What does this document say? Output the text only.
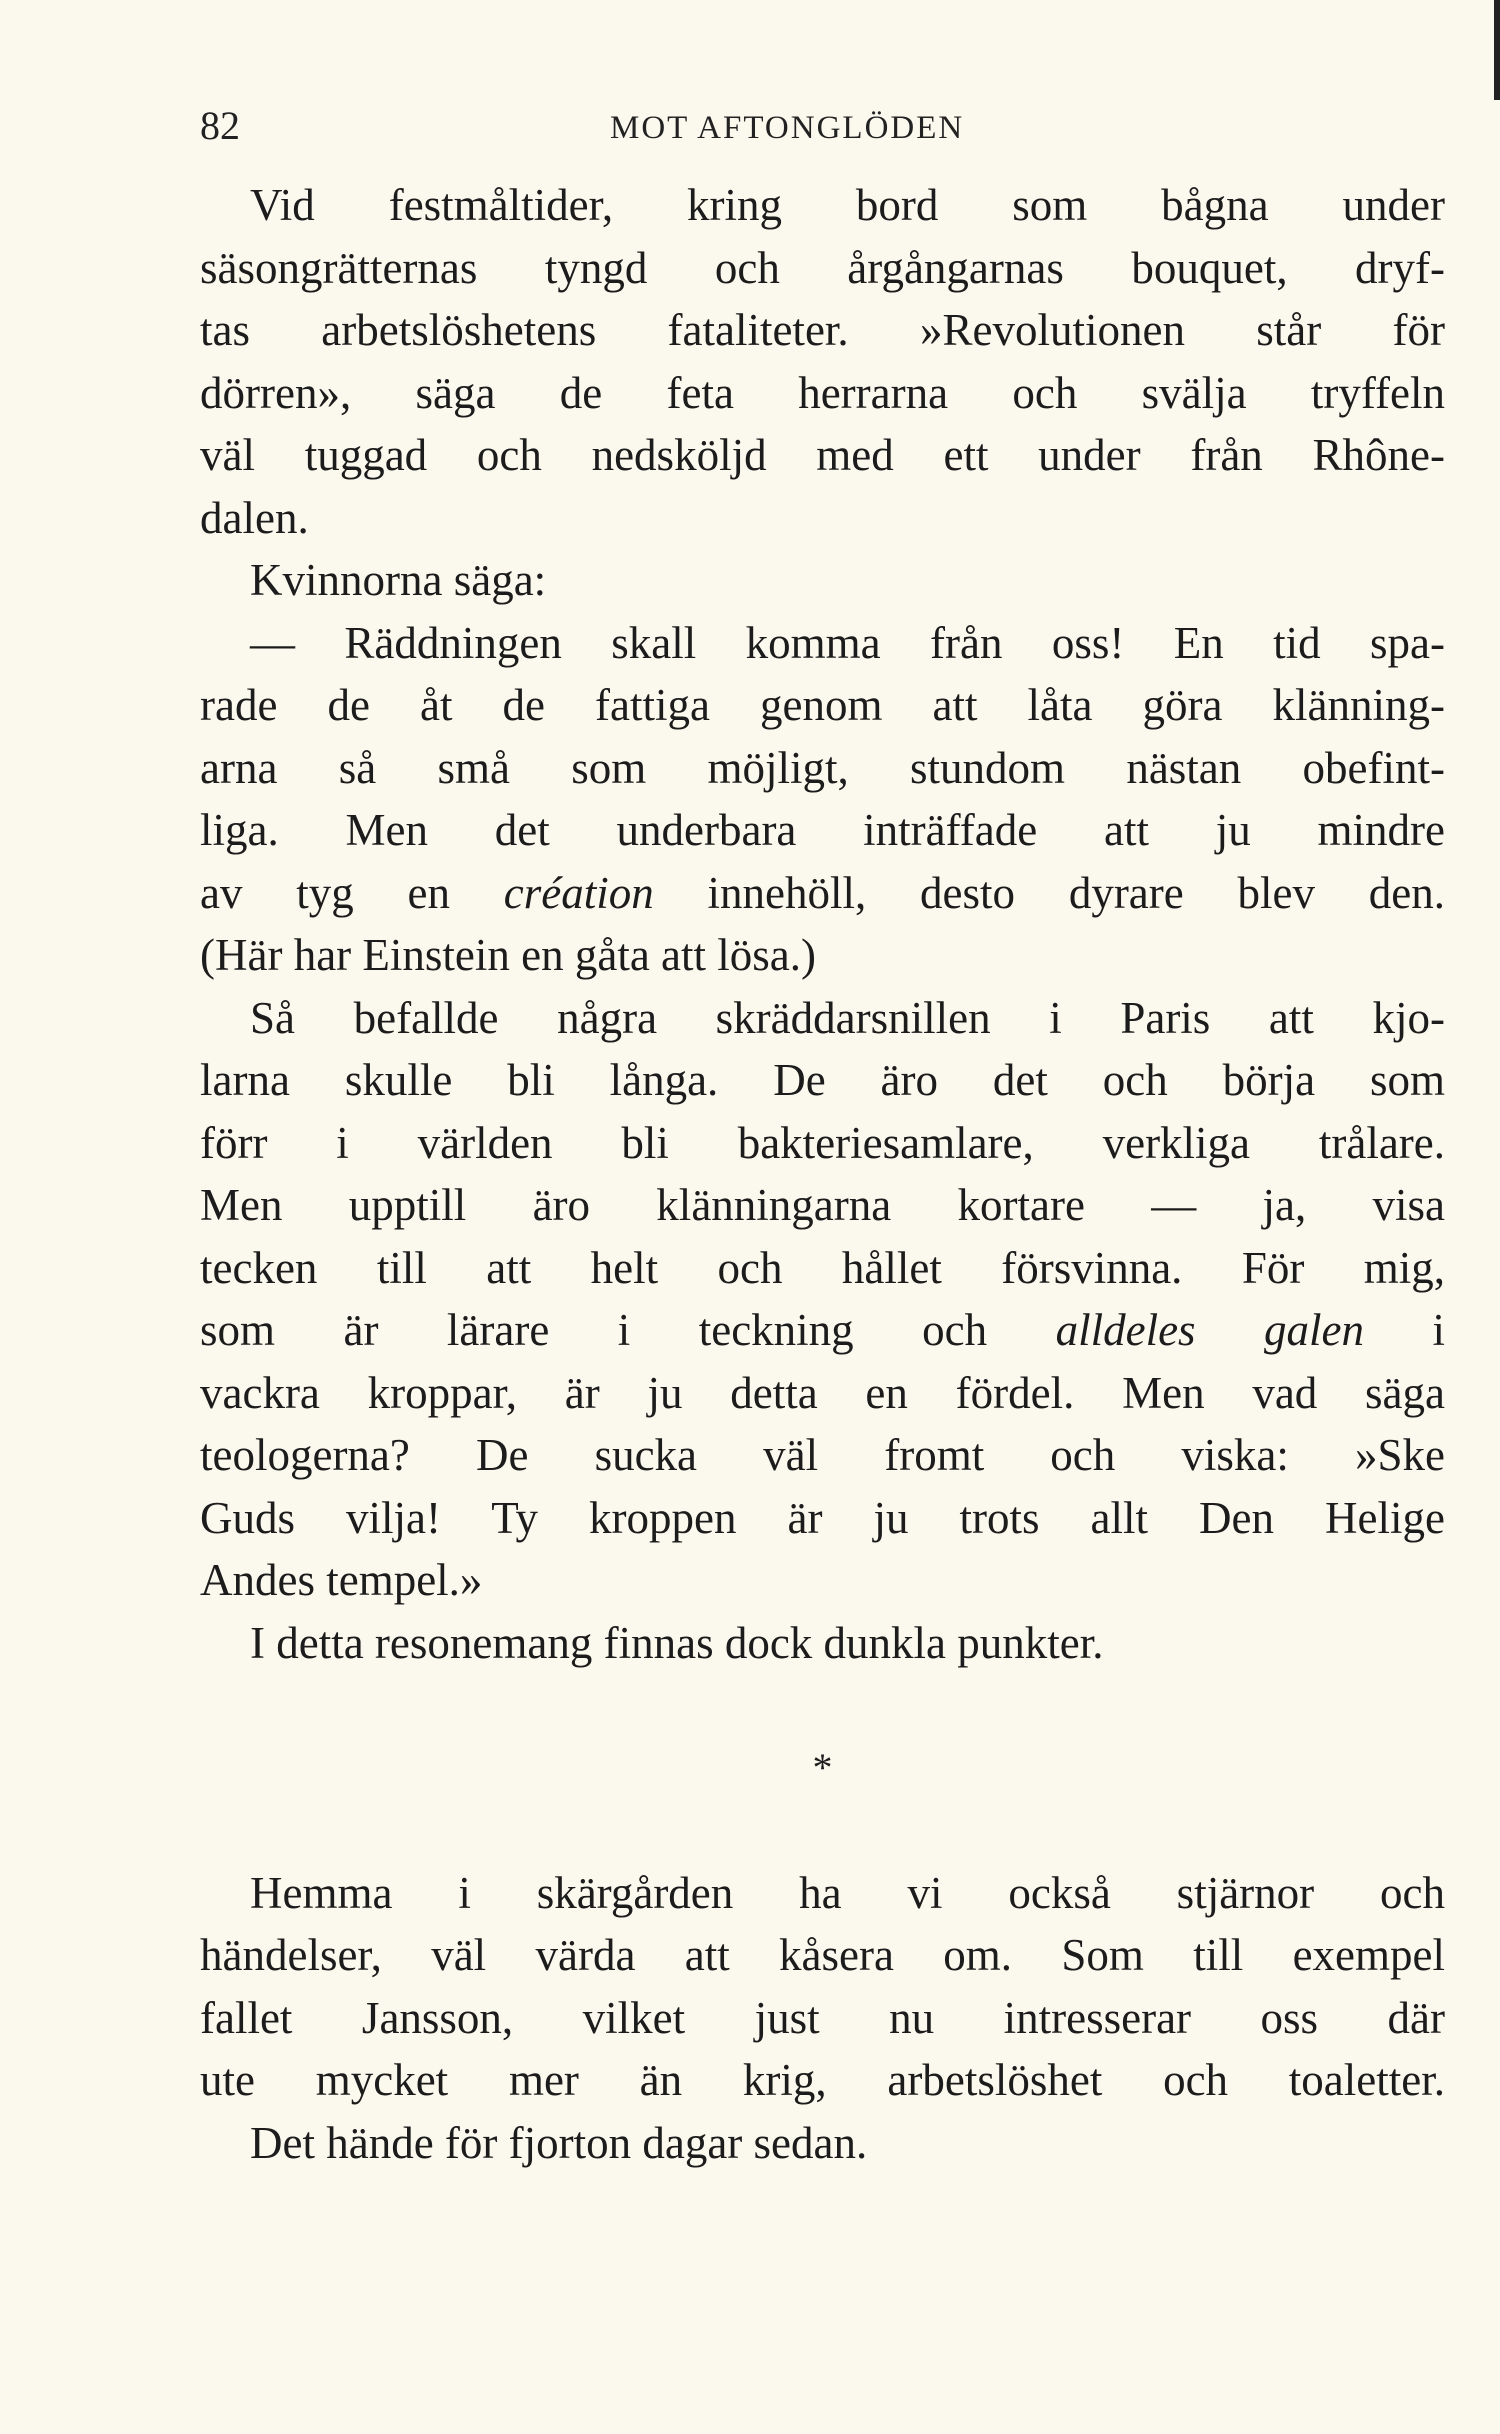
82	MOT AFTONGLÖDEN
Vid festmåltider, kring bord som bågna under
säsongrätternas tyngd och årgångarnas bouquet, dryf-
tas arbetslöshetens fataliteter. »Revolutionen står för
dörren», säga de feta herrarna och svälja tryffeln
väl tuggad och nedsköljd med ett under från Rhône-
dalen.
Kvinnorna säga:
— Räddningen skall komma från oss! En tid spa-
rade de åt de fattiga genom att låta göra klänning-
arna så små som möjligt, stundom nästan obefint-
liga. Men det underbara inträffade att ju mindre
av tyg en création innehöll, desto dyrare blev den.
(Här har Einstein en gåta att lösa.)
Så befallde några skräddarsnillen i Paris att kjo-
larna skulle bli långa. De äro det och börja som
förr i världen bli bakteriesamlare, verkliga trålare.
Men upptill äro klänningarna kortare — ja, visa
tecken till att helt och hållet försvinna. För mig,
som är lärare i teckning och alldeles galen i
vackra kroppar, är ju detta en fördel. Men vad säga
teologerna? De sucka väl fromt och viska: »Ske
Guds vilja! Ty kroppen är ju trots allt Den Helige
Andes tempel.»
I detta resonemang finnas dock dunkla punkter.
*
Hemma i skärgården ha vi också stjärnor och
händelser, väl värda att kåsera om. Som till exempel
fallet Jansson, vilket just nu intresserar oss där
ute mycket mer än krig, arbetslöshet och toaletter.
Det hände för fjorton dagar sedan.
